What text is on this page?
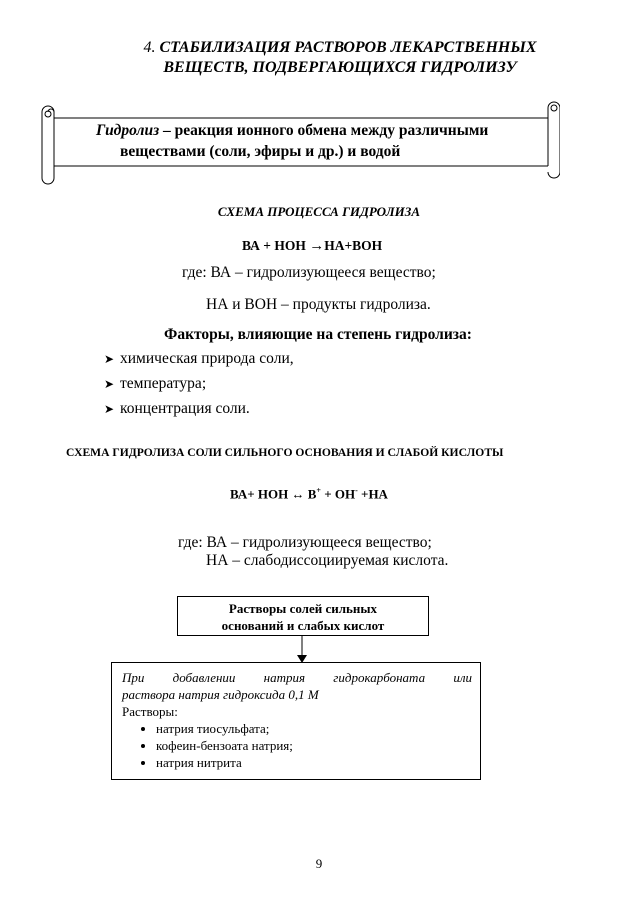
4. СТАБИЛИЗАЦИЯ РАСТВОРОВ ЛЕКАРСТВЕННЫХ
ВЕЩЕСТВ, ПОДВЕРГАЮЩИХСЯ ГИДРОЛИЗУ
Гидролиз – реакция ионного обмена между различными
веществами (соли, эфиры и др.) и водой
СХЕМА ПРОЦЕССА ГИДРОЛИЗА
ВА + НОН →НА+ВОН
где: ВА – гидролизующееся вещество;
НА и ВОН – продукты гидролиза.
Факторы, влияющие на степень гидролиза:
➤ химическая природа соли,
➤ температура;
➤ концентрация соли.
СХЕМА ГИДРОЛИЗА СОЛИ СИЛЬНОГО ОСНОВАНИЯ И СЛАБОЙ КИСЛОТЫ
ВА+ НОН ↔ В+ + ОН- +НА
где: ВА – гидролизующееся вещество;
НА – слабодиссоциируемая кислота.
Растворы солей сильных
оснований и слабых кислот
При добавлении натрия гидрокарбоната или
раствора натрия гидроксида 0,1 М
Растворы:
• натрия тиосульфата;
• кофеин-бензоата натрия;
• натрия нитрита
9
